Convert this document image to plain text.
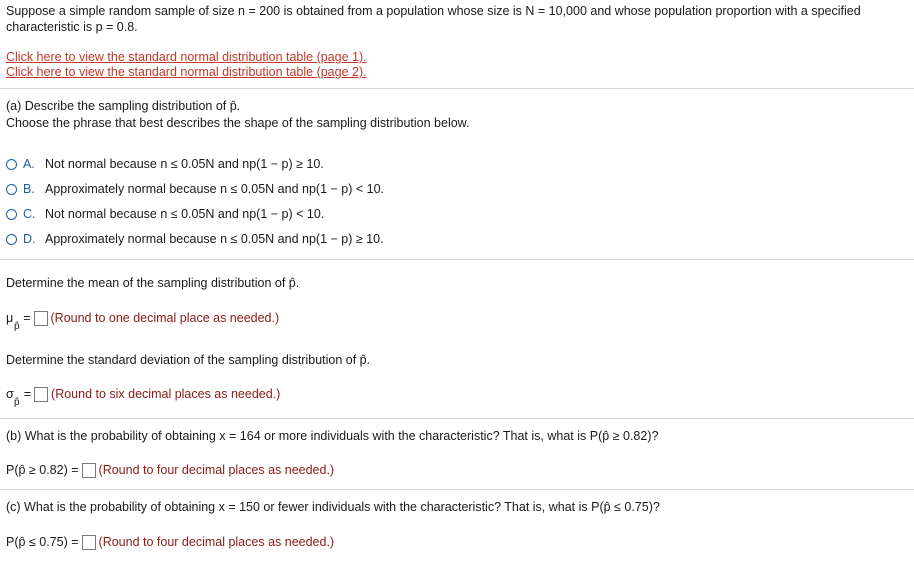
Suppose a simple random sample of size n = 200 is obtained from a population whose size is N = 10,000 and whose population proportion with a specified
characteristic is p = 0.8.
Click here to view the standard normal distribution table (page 1).
Click here to view the standard normal distribution table (page 2).
(a) Describe the sampling distribution of p̂.
Choose the phrase that best describes the shape of the sampling distribution below.
A. Not normal because n ≤ 0.05N and np(1 − p) ≥ 10.
B. Approximately normal because n ≤ 0.05N and np(1 − p) < 10.
C. Not normal because n ≤ 0.05N and np(1 − p) < 10.
D. Approximately normal because n ≤ 0.05N and np(1 − p) ≥ 10.
Determine the mean of the sampling distribution of p̂.
μ
p̂
= (Round to one decimal place as needed.)
Determine the standard deviation of the sampling distribution of p̂.
σ
p̂
= (Round to six decimal places as needed.)
(b) What is the probability of obtaining x = 164 or more individuals with the characteristic? That is, what is P(p̂ ≥ 0.82)?
P(p̂ ≥ 0.82) = (Round to four decimal places as needed.)
(c) What is the probability of obtaining x = 150 or fewer individuals with the characteristic? That is, what is P(p̂ ≤ 0.75)?
P(p̂ ≤ 0.75) = (Round to four decimal places as needed.)
